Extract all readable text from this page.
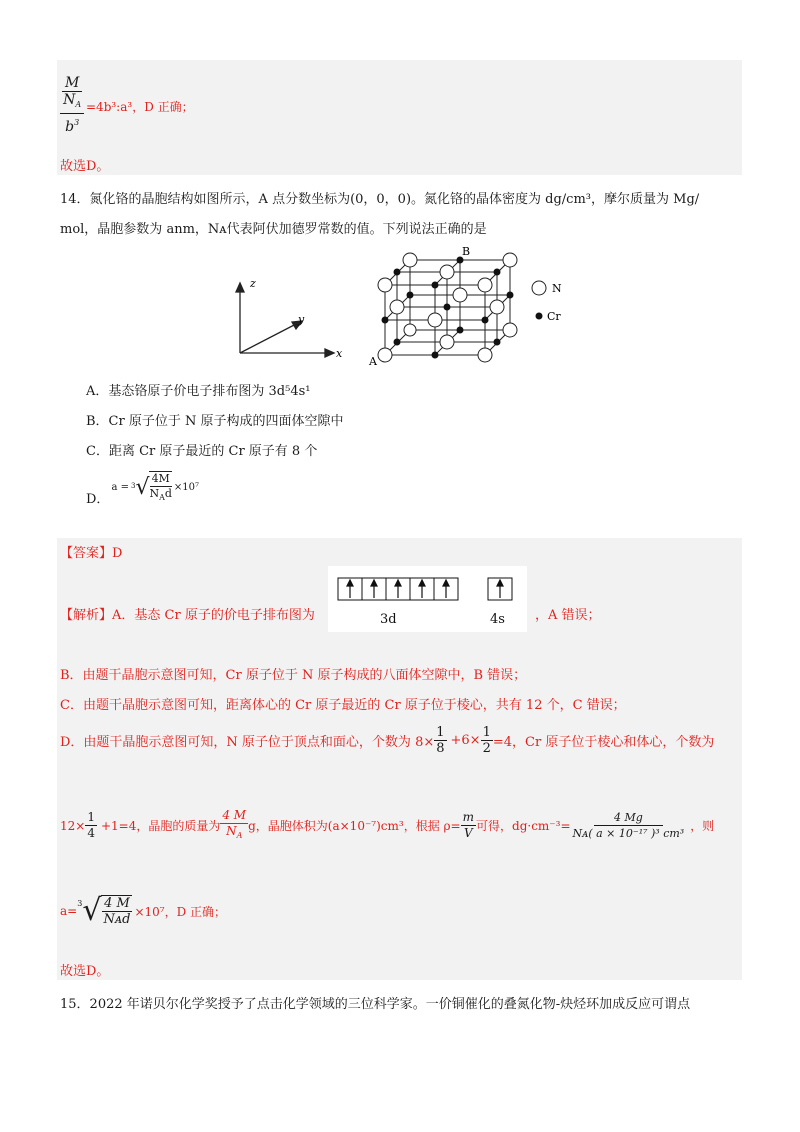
$\frac{\frac{M}{N_A}}{b^3}$ =4b³:a³，D 正确；
故选D。
14．氮化铬的晶胞结构如图所示，A 点分数坐标为(0，0，0)。氮化铬的晶体密度为 dg/cm³，摩尔质量为 Mg/
mol，晶胞参数为 anm，Nᴀ代表阿伏加德罗常数的值。下列说法正确的是
z
y
x
B
A
N
Cr
A．基态铬原子价电子排布图为 3d⁵4s¹
B．Cr 原子位于 N 原子构成的四面体空隙中
C．距离 Cr 原子最近的 Cr 原子有 8 个
D．
a = 3 √ 4M
$N_Ad \times 10^7$
【答案】D
【解析】A．基态 Cr 原子的价电子排布图为	3d	4s ，A 错误；
B．由题干晶胞示意图可知，Cr 原子位于 N 原子构成的八面体空隙中，B 错误；
C．由题干晶胞示意图可知，距离体心的 Cr 原子最近的 Cr 原子位于棱心，共有 12 个，C 错误；
D．由题干晶胞示意图可知，N 原子位于顶点和面心，个数为 $8\times \frac{1}{8} +6\times \frac{1}{2} =4$，Cr 原子位于棱心和体心，个数为
$12\times \frac{1}{4} +1=4$，晶胞的质量为 $\frac{4 M}{N_A}$ g，晶胞体积为(a×10⁻⁷)cm³，根据 $\rho= \frac{m}{V}$ 可得，$dg\cdot cm^{-3}= \frac{4 Mg}{\text{Nᴀ( a × 10⁻¹⁷ )³ cm³}}$ ，则
a=
3 √ $\frac{4 M}{\text{Nᴀd}} \times 10^7$，D 正确；
故选D。
15．2022 年诺贝尔化学奖授予了点击化学领域的三位科学家。一价铜催化的叠氮化物-炔烃环加成反应可谓点
